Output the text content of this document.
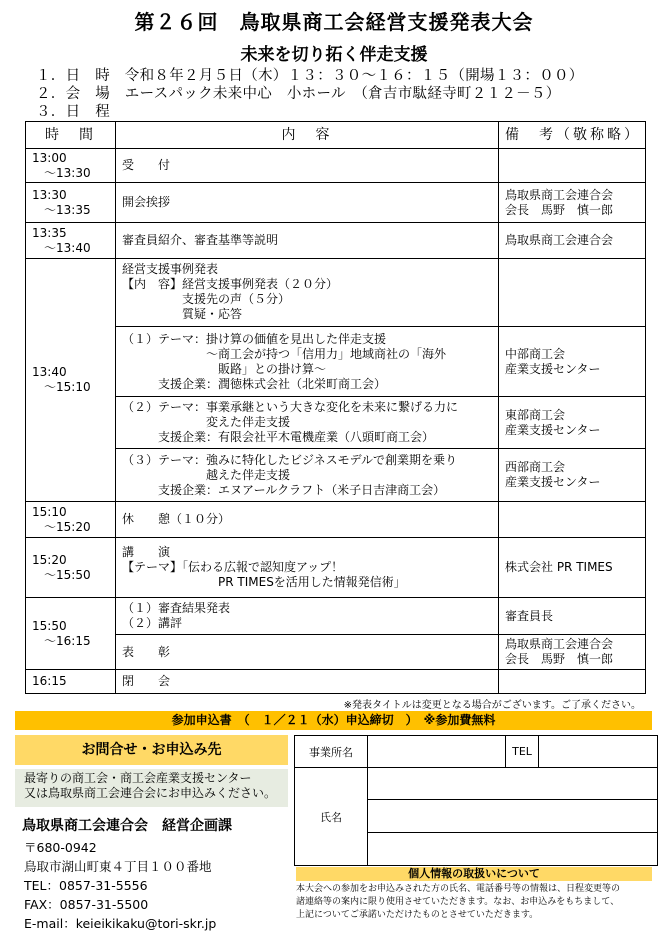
第２６回　鳥取県商工会経営支援発表大会
未来を切り拓く伴走支援
１．日　時　令和８年２月５日（木）１３：３０～１６：１５（開場１３：００）
２．会　場　エースパック未来中心　小ホール　（倉吉市駄経寺町２１２－５）
３．日　程
時　間	内　容	備　考（敬称略）
13:00
　～13:30	受　　付	
13:30
　～13:35	開会挨拶	鳥取県商工会連合会
会長　馬野　慎一郎
13:35
　～13:40	審査員紹介、審査基準等説明	鳥取県商工会連合会
13:40
　～15:10	経営支援事例発表
【内　容】経営支援事例発表（２０分）
　　　　　支援先の声（５分）
　　　　　質疑・応答	
	（１）テーマ：掛け算の価値を見出した伴走支援
　　　　　　　～商工会が持つ「信用力」地域商社の「海外
　　　　　　　　販路」との掛け算～
　　　支援企業：潤徳株式会社（北栄町商工会）	中部商工会
産業支援センター
	（２）テーマ：事業承継という大きな変化を未来に繋げる力に
　　　　　　　変えた伴走支援
　　　支援企業：有限会社平木電機産業（八頭町商工会）	東部商工会
産業支援センター
	（３）テーマ：強みに特化したビジネスモデルで創業期を乗り
　　　　　　　越えた伴走支援
　　　支援企業：エヌアールクラフト（米子日吉津商工会）	西部商工会
産業支援センター
15:10
　～15:20	休　　憩（１０分）	
15:20
　～15:50	講　　演
【テーマ】「伝わる広報で認知度アップ！
　　　　　　　　PR TIMESを活用した情報発信術」	株式会社 PR TIMES
15:50
　～16:15	（１）審査結果発表
（２）講評	審査員長
	表　　彰	鳥取県商工会連合会
会長　馬野　慎一郎
16:15	閉　　会	
※発表タイトルは変更となる場合がございます。ご了承ください。
参加申込書　（　１／２１（水）申込締切　）　※参加費無料
お問合せ・お申込み先
最寄りの商工会・商工会産業支援センター
又は鳥取県商工会連合会にお申込みください。
鳥取県商工会連合会　経営企画課
〒680-0942
鳥取市湖山町東４丁目１００番地
TEL：0857-31-5556
FAX：0857-31-5500
E-mail：keieikikaku@tori-skr.jp
事業所名		TEL	
氏名			

個人情報の取扱いについて
本大会への参加をお申込みされた方の氏名、電話番号等の情報は、日程変更等の
諸連絡等の案内に限り使用させていただきます。なお、お申込みをもちまして、
上記についてご承諾いただけたものとさせていただきます。
